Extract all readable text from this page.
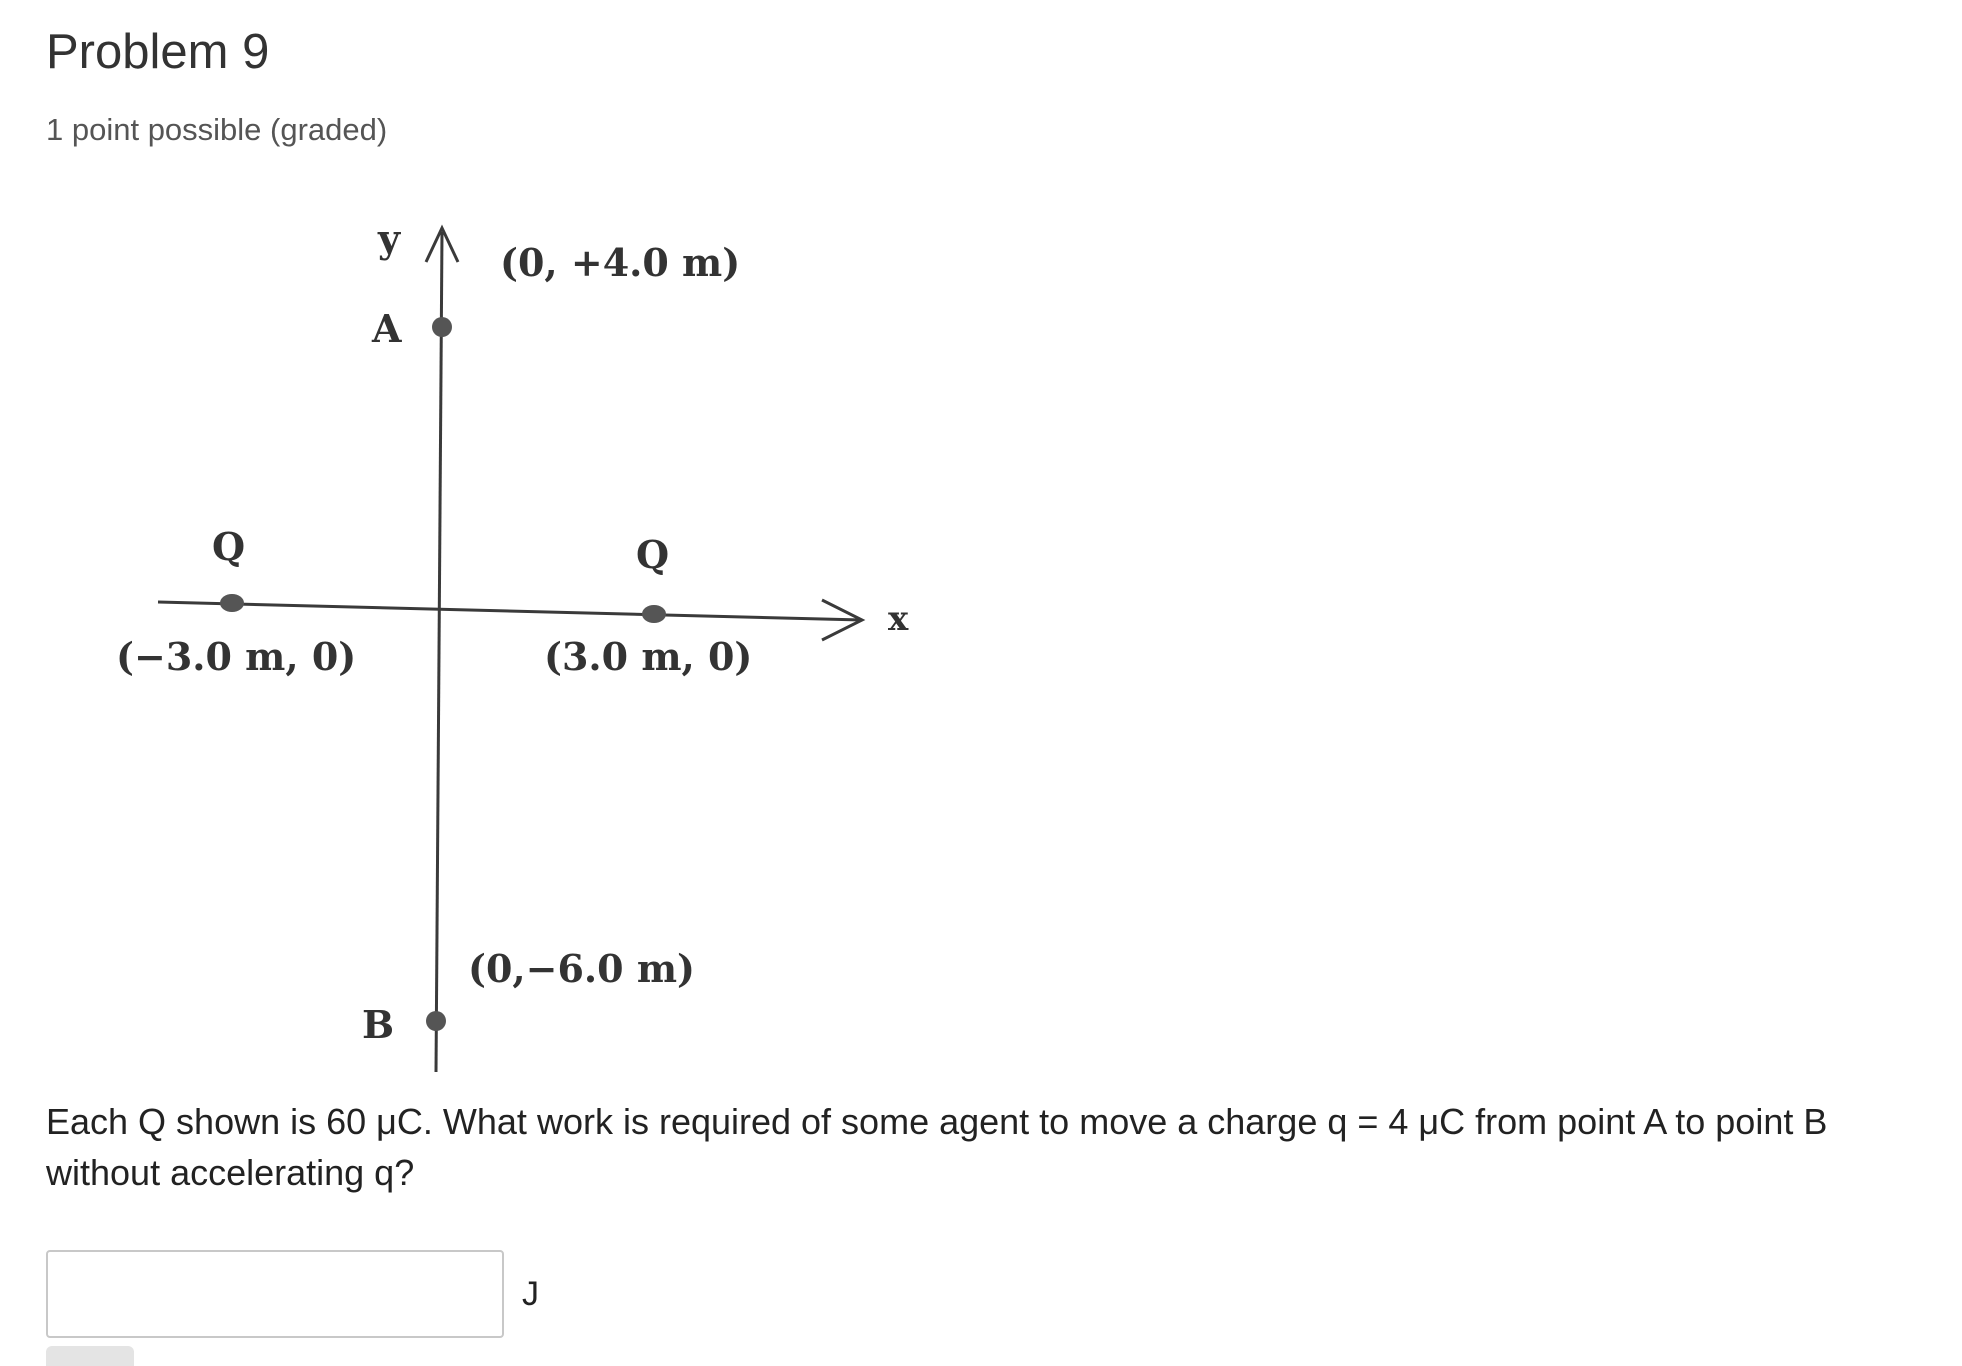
Problem 9
1 point possible (graded)
y
x
(0, +4.0 m)
A
(0,−6.0 m)
B
Q
(−3.0 m, 0)
Q
(3.0 m, 0)
Each Q shown is 60 μC. What work is required of some agent to move a charge q = 4 μC from point A to point B without accelerating q?
J
